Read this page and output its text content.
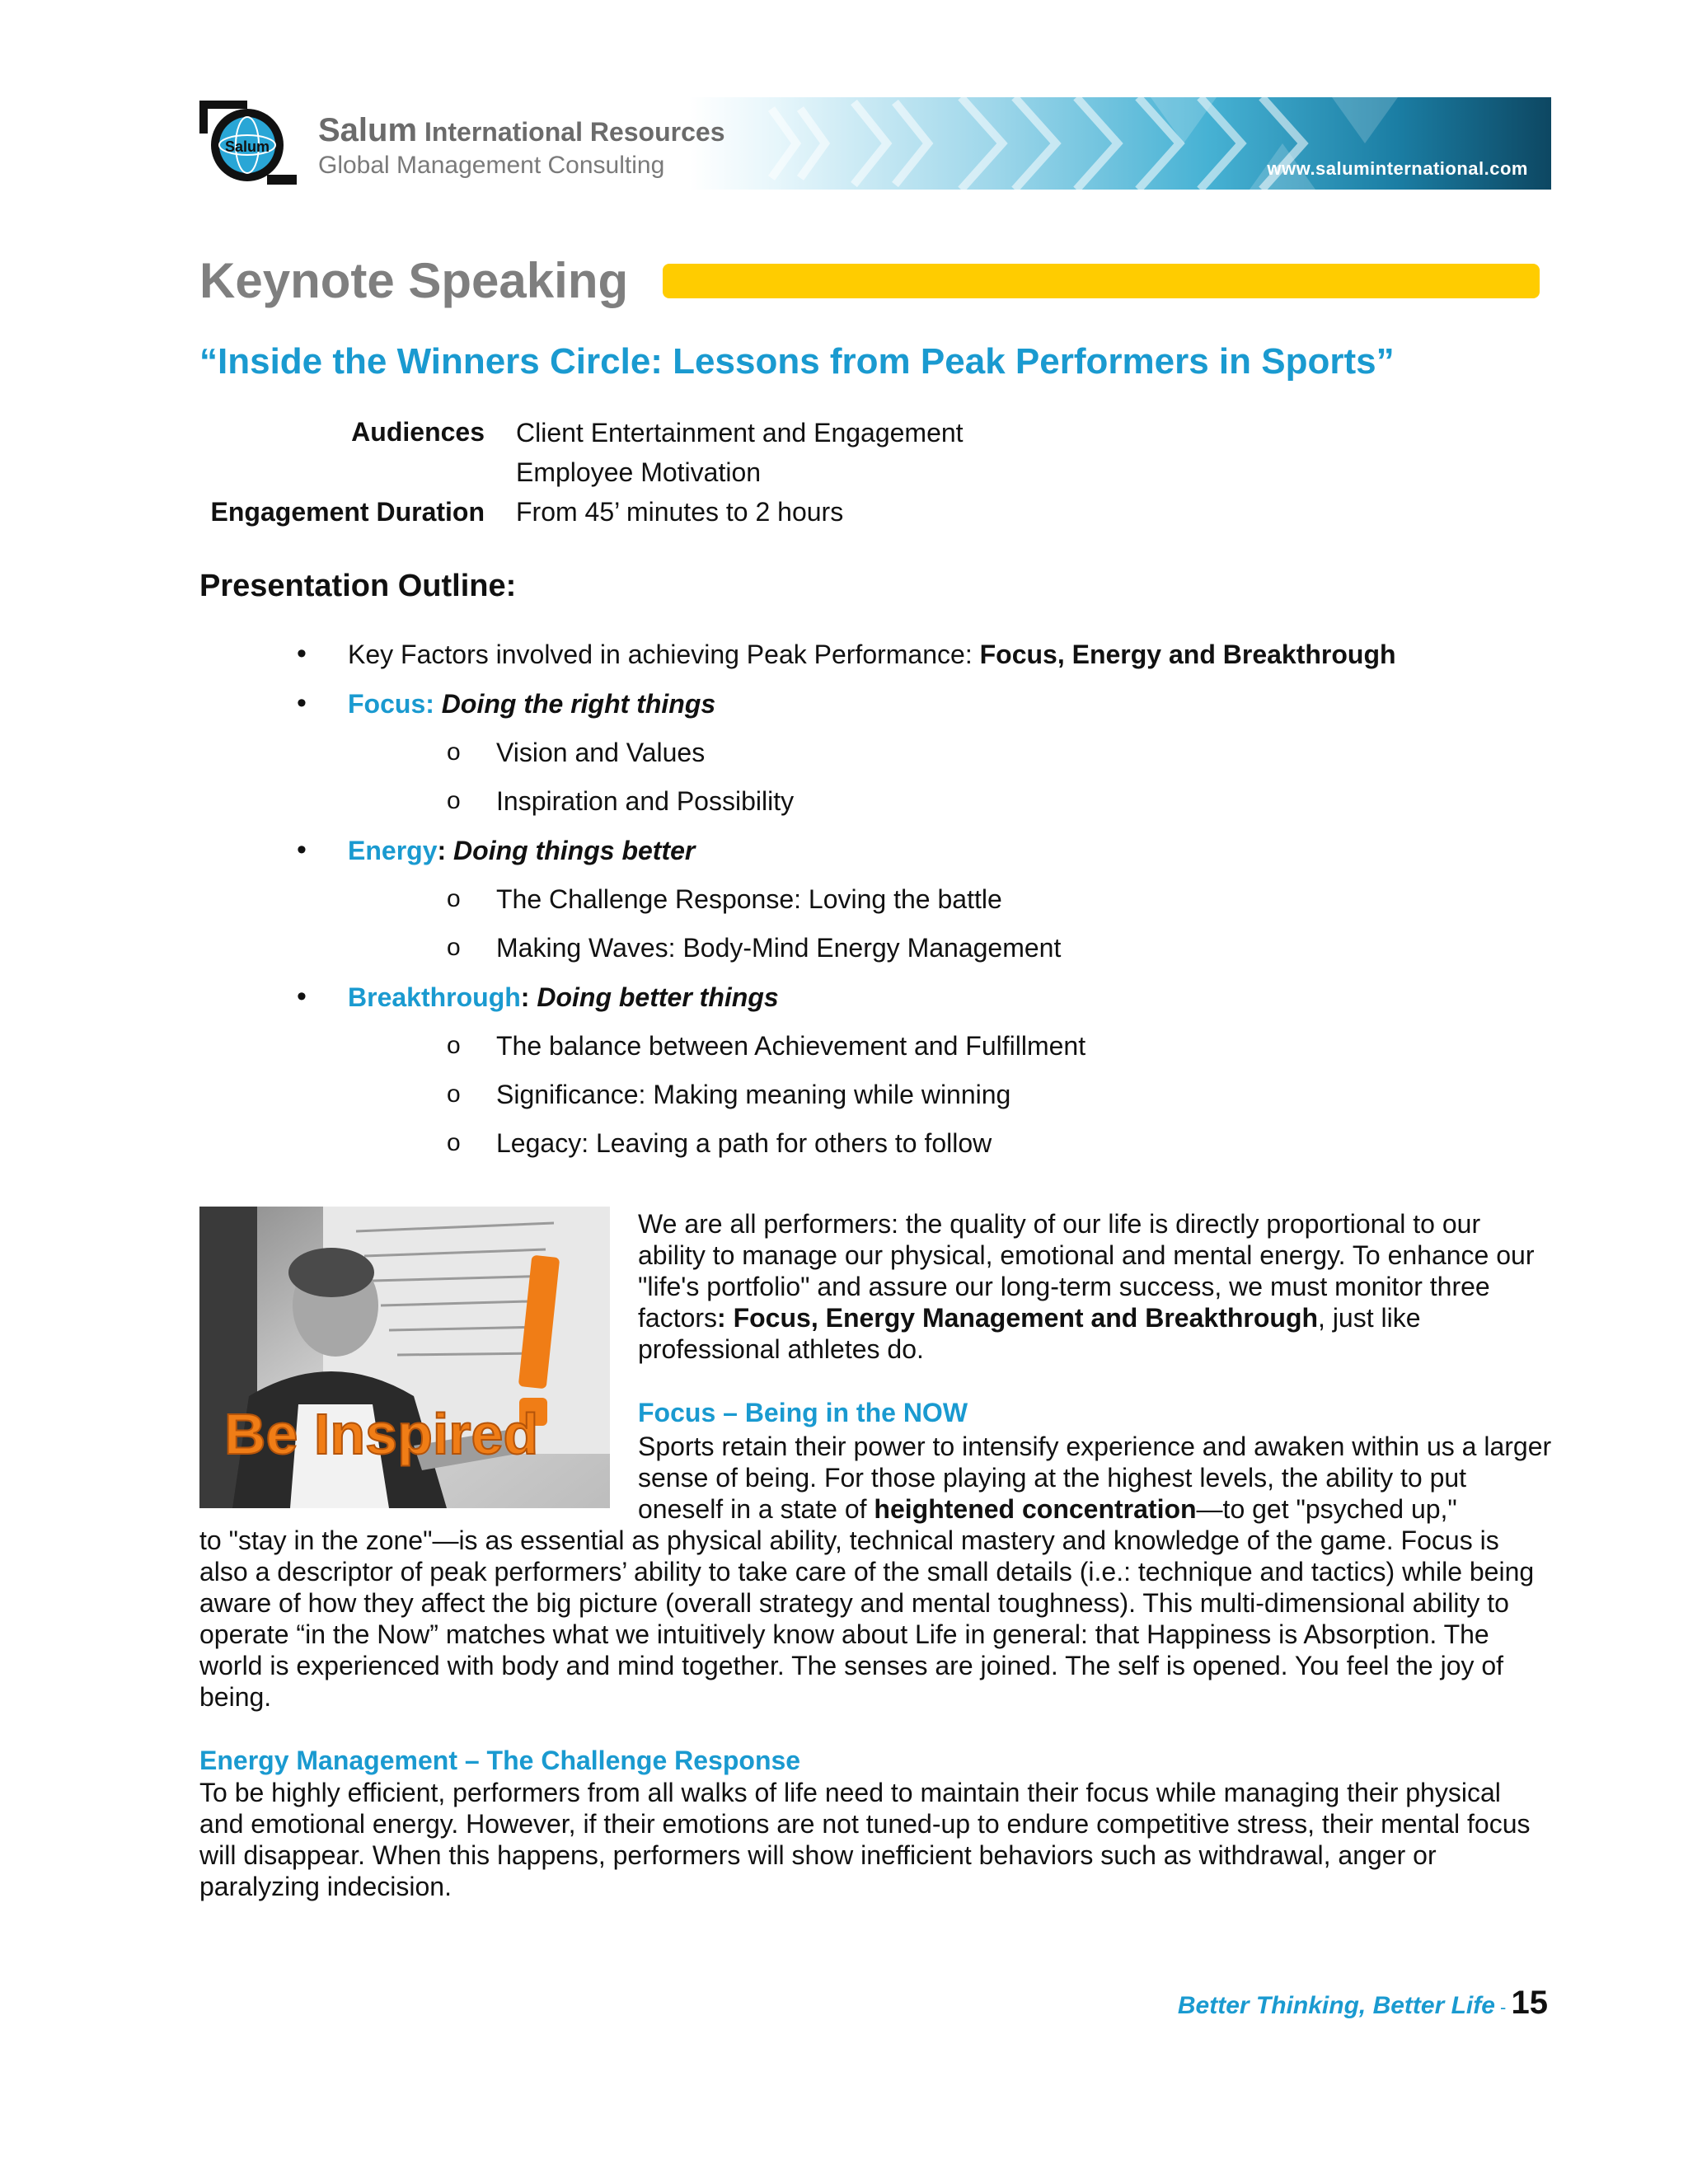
www.saluminternational.com
Salum Salum International Resources
Global Management Consulting
Keynote Speaking
“Inside the Winners Circle: Lessons from Peak Performers in Sports”
Audiences Client Entertainment and Engagement
Employee Motivation
Engagement Duration From 45’ minutes to 2 hours
Presentation Outline:
• Key Factors involved in achieving Peak Performance: Focus, Energy and Breakthrough
• Focus: Doing the right things
o Vision and Values
o Inspiration and Possibility
• Energy: Doing things better
o The Challenge Response: Loving the battle
o Making Waves: Body-Mind Energy Management
• Breakthrough: Doing better things
o The balance between Achievement and Fulfillment
o Significance: Making meaning while winning
o Legacy: Leaving a path for others to follow
Be Inspired
We are all performers: the quality of our life is directly proportional to our ability to manage our physical, emotional and mental energy. To enhance our "life's portfolio" and assure our long-term success, we must monitor three factors: Focus, Energy Management and Breakthrough, just like professional athletes do.
Focus – Being in the NOW
Sports retain their power to intensify experience and awaken within us a larger sense of being. For those playing at the highest levels, the ability to put oneself in a state of heightened concentration—to get "psyched up,"
to "stay in the zone"—is as essential as physical ability, technical mastery and knowledge of the game. Focus is also a descriptor of peak performers’ ability to take care of the small details (i.e.: technique and tactics) while being aware of how they affect the big picture (overall strategy and mental toughness). This multi-dimensional ability to operate “in the Now” matches what we intuitively know about Life in general: that Happiness is Absorption. The world is experienced with body and mind together. The senses are joined. The self is opened. You feel the joy of being.
Energy Management – The Challenge Response
To be highly efficient, performers from all walks of life need to maintain their focus while managing their physical and emotional energy. However, if their emotions are not tuned-up to endure competitive stress, their mental focus will disappear. When this happens, performers will show inefficient behaviors such as withdrawal, anger or paralyzing indecision.
Better Thinking, Better Life - 15
